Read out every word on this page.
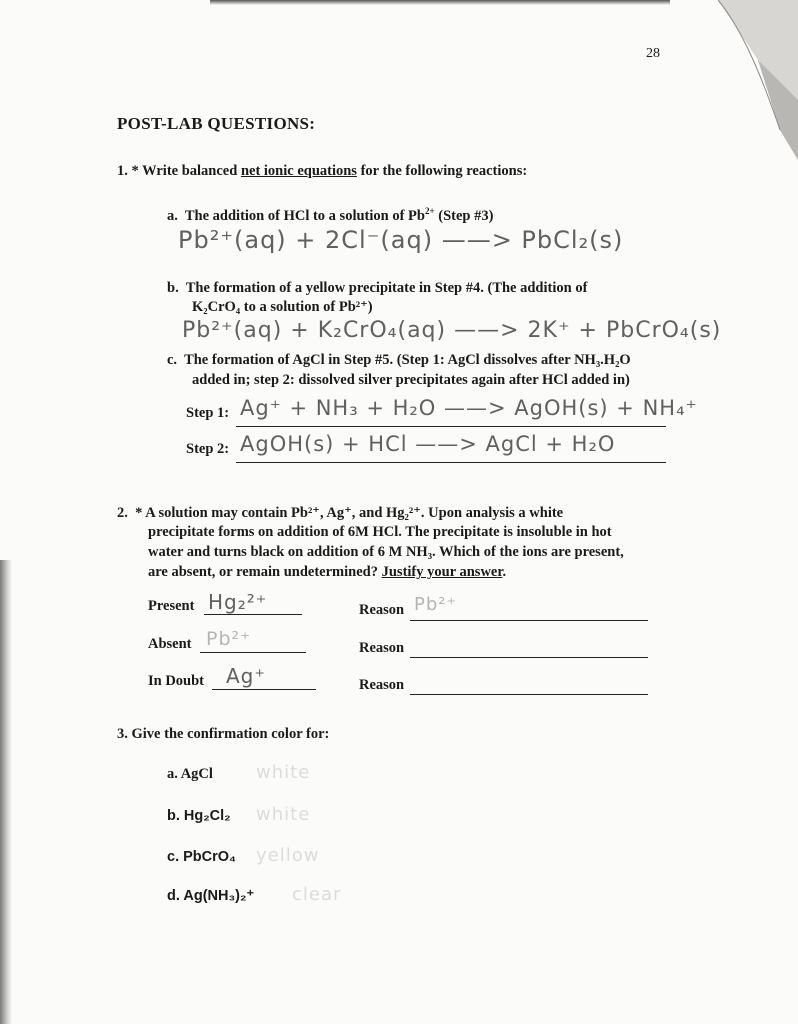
28
POST-LAB QUESTIONS:
1. * Write balanced net ionic equations for the following reactions:
a. The addition of HCl to a solution of $Pb^{2+}$ (Step #3)
Pb²⁺(aq) + 2Cl⁻(aq) ——> PbCl₂(s)
b. The formation of a yellow precipitate in Step #4. (The addition of
K₂CrO₄ to a solution of Pb²⁺)
Pb²⁺(aq) + K₂CrO₄(aq) ——> 2K⁺ + PbCrO₄(s)
c. The formation of AgCl in Step #5. (Step 1: AgCl dissolves after NH₃.H₂O
added in; step 2: dissolved silver precipitates again after HCl added in)
Step 1: Ag⁺ + NH₃ + H₂O ——> AgOH(s) + NH₄⁺
Step 2: AgOH(s) + HCl ——> AgCl + H₂O
2. * A solution may contain Pb²⁺, Ag⁺, and Hg₂²⁺. Upon analysis a white
precipitate forms on addition of 6M HCl. The precipitate is insoluble in hot
water and turns black on addition of 6 M NH₃. Which of the ions are present,
are absent, or remain undetermined? Justify your answer.
Present Hg₂²⁺	Reason Pb²⁺
Absent Pb²⁺	Reason
In Doubt Ag⁺	Reason
3. Give the confirmation color for:
a. AgCl white
b. Hg₂Cl₂ white
c. PbCrO₄ yellow
d. Ag(NH₃)₂⁺ clear
